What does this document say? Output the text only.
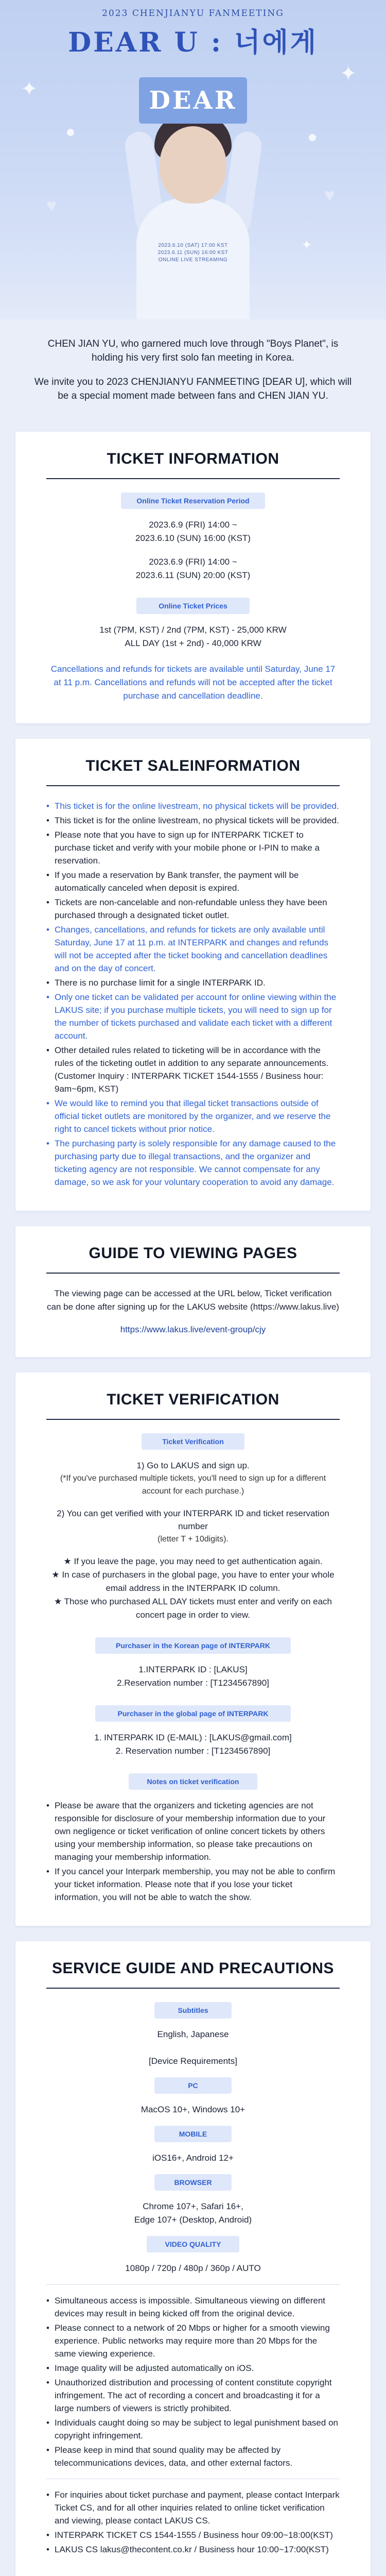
✦
✦
♥
♥
✦
2023 CHENJIANYU FANMEETING
DEAR U : 너에게
DEAR
2023.6.10 (SAT) 17:00 KST
2023.6.11 (SUN) 16:00 KST
ONLINE LIVE STREAMING

CHEN JIAN YU, who garnered much love through "Boys Planet", is holding his very first solo fan meeting in Korea.

We invite you to 2023 CHENJIANYU FANMEETING [DEAR U], which will be a special moment made between fans and CHEN JIAN YU.

TICKET INFORMATION
Online Ticket Reservation Period
2023.6.9 (FRI) 14:00 ~
2023.6.10 (SUN) 16:00 (KST)
2023.6.9 (FRI) 14:00 ~
2023.6.11 (SUN) 20:00 (KST)
Online Ticket Prices
1st (7PM, KST) / 2nd (7PM, KST) - 25,000 KRW
ALL DAY (1st + 2nd) - 40,000 KRW
Cancellations and refunds for tickets are available until Saturday, June 17 at 11 p.m. Cancellations and refunds will not be accepted after the ticket purchase and cancellation deadline.
TICKET SALEINFORMATION
• This ticket is for the online livestream, no physical tickets will be provided.
• This ticket is for the online livestream, no physical tickets will be provided.
• Please note that you have to sign up for INTERPARK TICKET to purchase ticket and verify with your mobile phone or I-PIN to make a reservation.
• If you made a reservation by Bank transfer, the payment will be automatically canceled when deposit is expired.
• Tickets are non-cancelable and non-refundable unless they have been purchased through a designated ticket outlet.
• Changes, cancellations, and refunds for tickets are only available until Saturday, June 17 at 11 p.m. at INTERPARK and changes and refunds will not be accepted after the ticket booking and cancellation deadlines and on the day of concert.
• There is no purchase limit for a single INTERPARK ID.
• Only one ticket can be validated per account for online viewing within the LAKUS site; if you purchase multiple tickets, you will need to sign up for the number of tickets purchased and validate each ticket with a different account.
• Other detailed rules related to ticketing will be in accordance with the rules of the ticketing outlet in addition to any separate announcements. (Customer Inquiry : INTERPARK TICKET 1544-1555 / Business hour: 9am~6pm, KST)
• We would like to remind you that illegal ticket transactions outside of official ticket outlets are monitored by the organizer, and we reserve the right to cancel tickets without prior notice.
• The purchasing party is solely responsible for any damage caused to the purchasing party due to illegal transactions, and the organizer and ticketing agency are not responsible. We cannot compensate for any damage, so we ask for your voluntary cooperation to avoid any damage.
GUIDE TO VIEWING PAGES
The viewing page can be accessed at the URL below, Ticket verification can be done after signing up for the LAKUS website (https://www.lakus.live)
https://www.lakus.live/event-group/cjy
TICKET VERIFICATION
Ticket Verification
1) Go to LAKUS and sign up.
(*If you've purchased multiple tickets, you'll need to sign up for a different account for each purchase.)
2) You can get verified with your INTERPARK ID and ticket reservation number
(letter T + 10digits).
★ If you leave the page, you may need to get authentication again.
★ In case of purchasers in the global page, you have to enter your whole email address in the INTERPARK ID column.
★ Those who purchased ALL DAY tickets must enter and verify on each concert page in order to view.
Purchaser in the Korean page of INTERPARK
1.INTERPARK ID : [LAKUS]
2.Reservation number : [T1234567890]
Purchaser in the global page of INTERPARK
1. INTERPARK ID (E-MAIL) : [LAKUS@gmail.com]
2. Reservation number : [T1234567890]
Notes on ticket verification
• Please be aware that the organizers and ticketing agencies are not responsible for disclosure of your membership information due to your own negligence or ticket verification of online concert tickets by others using your membership information, so please take precautions on managing your membership information.
• If you cancel your Interpark membership, you may not be able to confirm your ticket information. Please note that if you lose your ticket information, you will not be able to watch the show.
SERVICE GUIDE AND PRECAUTIONS
Subtitles
English, Japanese
[Device Requirements]
PC
MacOS 10+, Windows 10+
MOBILE
iOS16+, Android 12+
BROWSER
Chrome 107+, Safari 16+,
Edge 107+ (Desktop, Android)
VIDEO QUALITY
1080p / 720p / 480p / 360p / AUTO
• Simultaneous access is impossible. Simultaneous viewing on different devices may result in being kicked off from the original device.
• Please connect to a network of 20 Mbps or higher for a smooth viewing experience. Public networks may require more than 20 Mbps for the same viewing experience.
• Image quality will be adjusted automatically on iOS.
• Unauthorized distribution and processing of content constitute copyright infringement. The act of recording a concert and broadcasting it for a large numbers of viewers is strictly prohibited.
• Individuals caught doing so may be subject to legal punishment based on copyright infringement.
• Please keep in mind that sound quality may be affected by telecommunications devices, data, and other external factors.
• For inquiries about ticket purchase and payment, please contact Interpark Ticket CS, and for all other inquiries related to online ticket verification and viewing, please contact LAKUS CS.
• INTERPARK TICKET CS 1544-1555 / Business hour 09:00~18:00(KST)
• LAKUS CS lakus@thecontent.co.kr / Business hour 10:00~17:00(KST)
